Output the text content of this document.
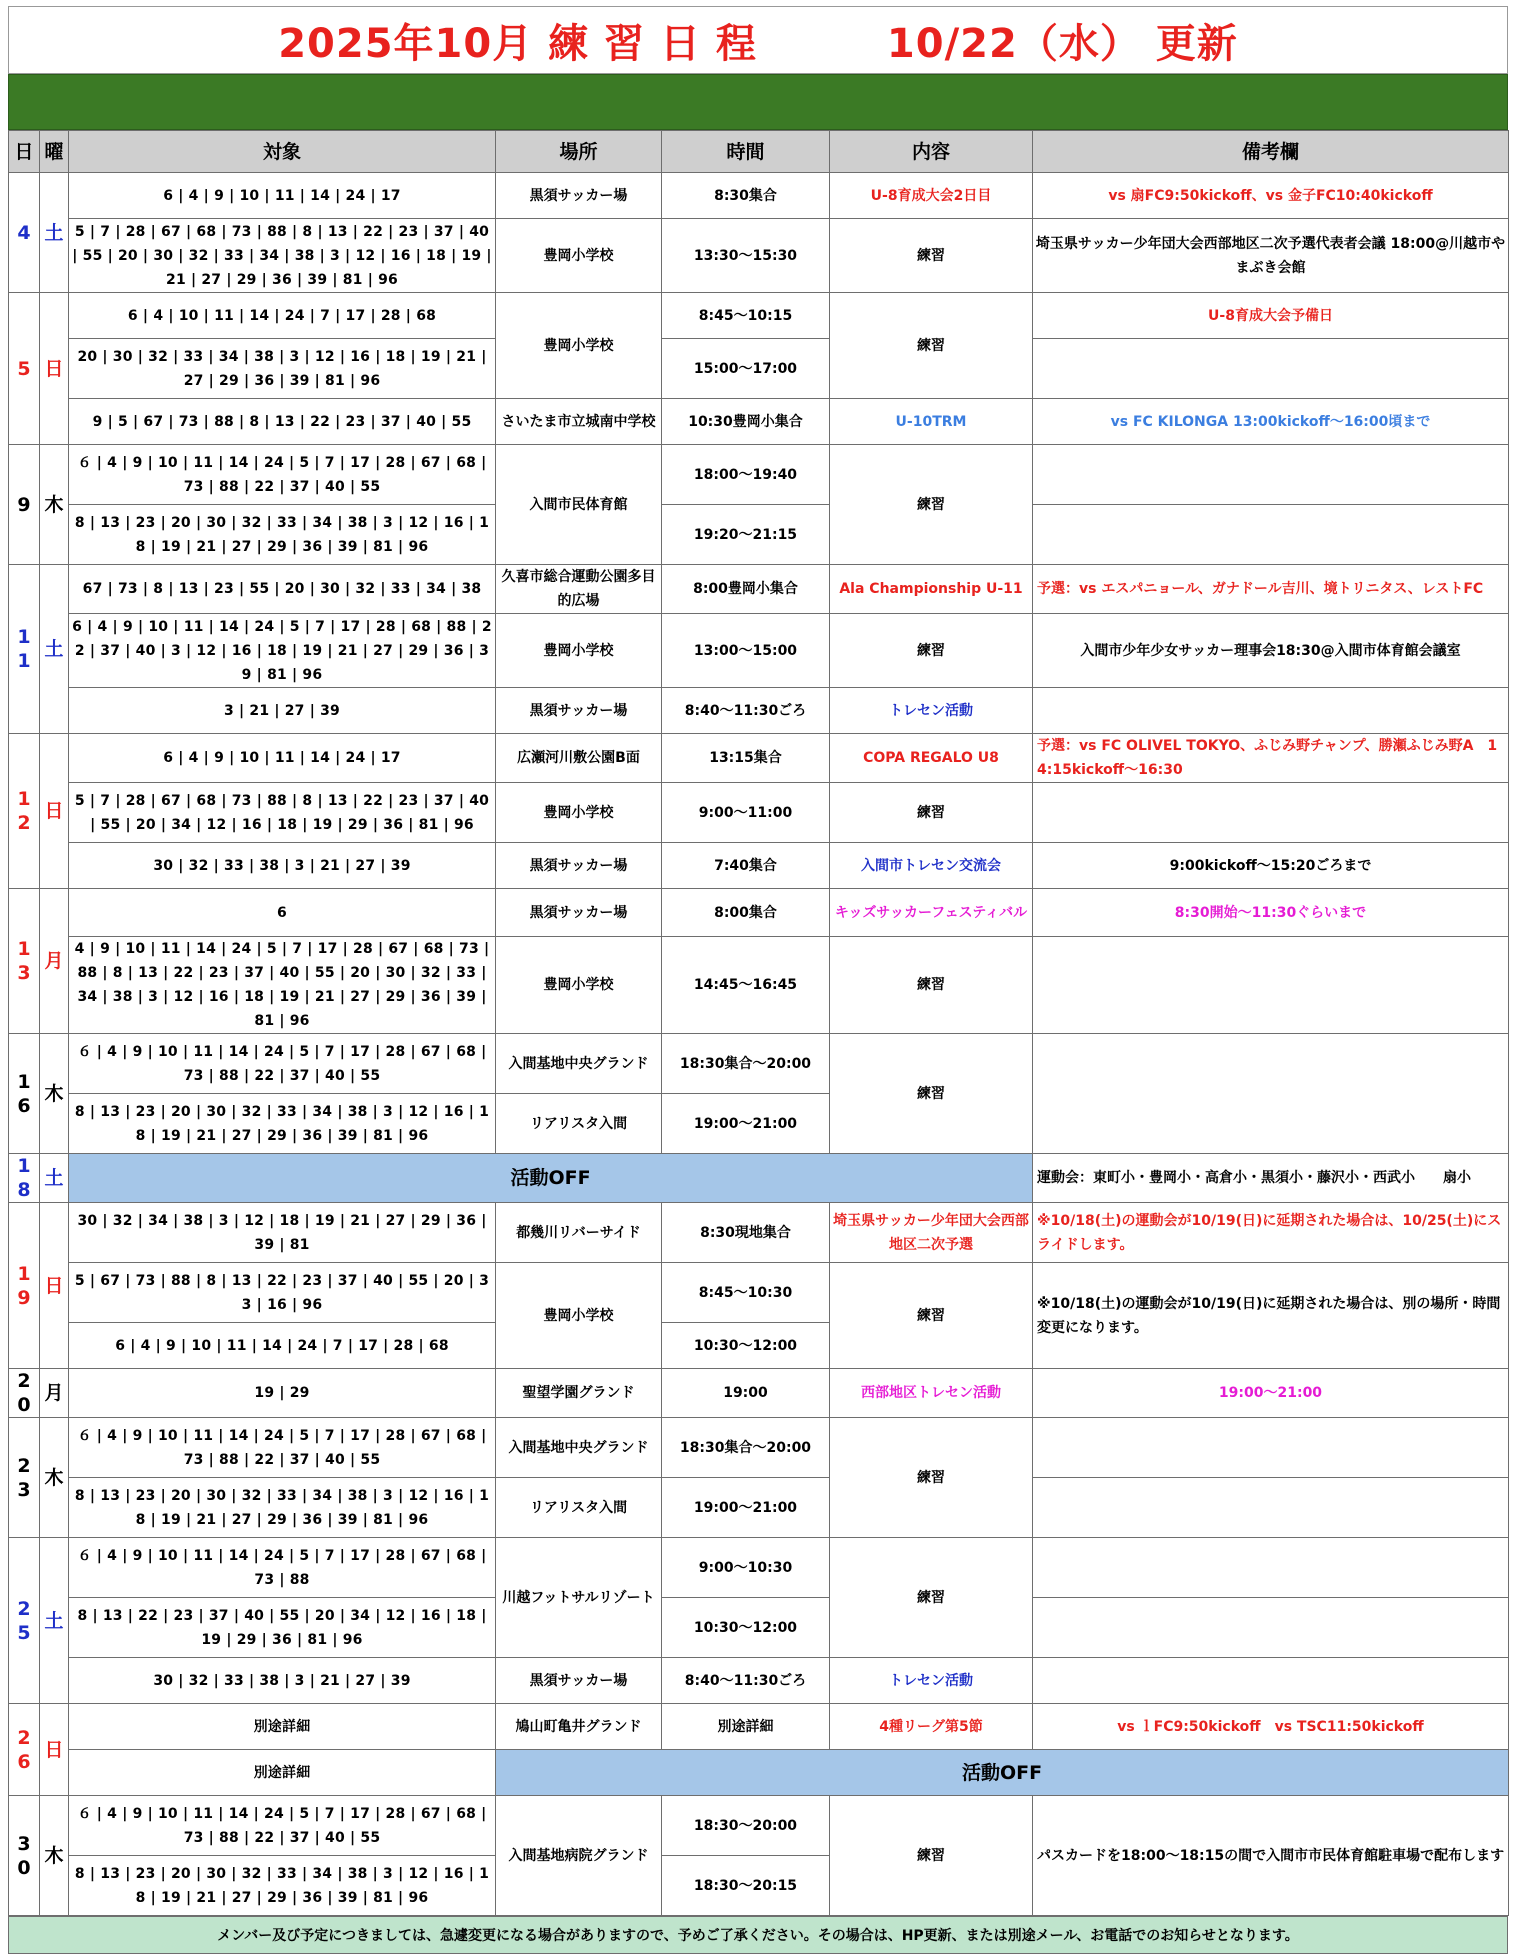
2025年10月 練 習 日 程	10/22（水） 更新
日	曜	対象	場所	時間	内容	備考欄
4	土	6 | 4 | 9 | 10 | 11 | 14 | 24 | 17	黒須サッカー場	8:30集合	U-8育成大会2日目	vs 扇FC9:50kickoff、vs 金子FC10:40kickoff
		5 | 7 | 28 | 67 | 68 | 73 | 88 | 8 | 13 | 22 | 23 | 37 | 40 | 55 | 20 | 30 | 32 | 33 | 34 | 38 | 3 | 12 | 16 | 18 | 19 | 21 | 27 | 29 | 36 | 39 | 81 | 96	豊岡小学校	13:30〜15:30	練習	埼玉県サッカー少年団大会西部地区二次予選代表者会議 18:00@川越市やまぶき会館
5	日	6 | 4 | 10 | 11 | 14 | 24 | 7 | 17 | 28 | 68	豊岡小学校	8:45〜10:15	練習	U-8育成大会予備日
		20 | 30 | 32 | 33 | 34 | 38 | 3 | 12 | 16 | 18 | 19 | 21 | 27 | 29 | 36 | 39 | 81 | 96		15:00〜17:00		
		9 | 5 | 67 | 73 | 88 | 8 | 13 | 22 | 23 | 37 | 40 | 55	さいたま市立城南中学校	10:30豊岡小集合	U-10TRM	vs FC KILONGA 13:00kickoff〜16:00頃まで
9	木	６ | 4 | 9 | 10 | 11 | 14 | 24 | 5 | 7 | 17 | 28 | 67 | 68 | 73 | 88 | 22 | 37 | 40 | 55	入間市民体育館	18:00〜19:40	練習	
		8 | 13 | 23 | 20 | 30 | 32 | 33 | 34 | 38 | 3 | 12 | 16 | 18 | 19 | 21 | 27 | 29 | 36 | 39 | 81 | 96		19:20〜21:15		
11	土	67 | 73 | 8 | 13 | 23 | 55 | 20 | 30 | 32 | 33 | 34 | 38	久喜市総合運動公園多目的広場	8:00豊岡小集合	Ala Championship U-11	予選：vs エスパニョール、ガナドール吉川、境トリニタス、レストFC
		6 | 4 | 9 | 10 | 11 | 14 | 24 | 5 | 7 | 17 | 28 | 68 | 88 | 22 | 37 | 40 | 3 | 12 | 16 | 18 | 19 | 21 | 27 | 29 | 36 | 39 | 81 | 96	豊岡小学校	13:00〜15:00	練習	入間市少年少女サッカー理事会18:30@入間市体育館会議室
		3 | 21 | 27 | 39	黒須サッカー場	8:40〜11:30ごろ	トレセン活動	
12	日	6 | 4 | 9 | 10 | 11 | 14 | 24 | 17	広瀬河川敷公園B面	13:15集合	COPA REGALO U8	予選：vs FC OLIVEL TOKYO、ふじみ野チャンプ、勝瀬ふじみ野A　14:15kickoff〜16:30
		5 | 7 | 28 | 67 | 68 | 73 | 88 | 8 | 13 | 22 | 23 | 37 | 40 | 55 | 20 | 34 | 12 | 16 | 18 | 19 | 29 | 36 | 81 | 96	豊岡小学校	9:00〜11:00	練習	
		30 | 32 | 33 | 38 | 3 | 21 | 27 | 39	黒須サッカー場	7:40集合	入間市トレセン交流会	9:00kickoff〜15:20ごろまで
13	月	6	黒須サッカー場	8:00集合	キッズサッカーフェスティバル	8:30開始〜11:30ぐらいまで
		4 | 9 | 10 | 11 | 14 | 24 | 5 | 7 | 17 | 28 | 67 | 68 | 73 | 88 | 8 | 13 | 22 | 23 | 37 | 40 | 55 | 20 | 30 | 32 | 33 | 34 | 38 | 3 | 12 | 16 | 18 | 19 | 21 | 27 | 29 | 36 | 39 | 81 | 96	豊岡小学校	14:45〜16:45	練習	
16	木	６ | 4 | 9 | 10 | 11 | 14 | 24 | 5 | 7 | 17 | 28 | 67 | 68 | 73 | 88 | 22 | 37 | 40 | 55	入間基地中央グランド	18:30集合〜20:00	練習	
		8 | 13 | 23 | 20 | 30 | 32 | 33 | 34 | 38 | 3 | 12 | 16 | 18 | 19 | 21 | 27 | 29 | 36 | 39 | 81 | 96	リアリスタ入間	19:00〜21:00		
18	土	活動OFF				運動会：東町小・豊岡小・高倉小・黒須小・藤沢小・西武小　　扇小
19	日	30 | 32 | 34 | 38 | 3 | 12 | 18 | 19 | 21 | 27 | 29 | 36 | 39 | 81	都幾川リバーサイド	8:30現地集合	埼玉県サッカー少年団大会西部地区二次予選	※10/18(土)の運動会が10/19(日)に延期された場合は、10/25(土)にスライドします。
		5 | 67 | 73 | 88 | 8 | 13 | 22 | 23 | 37 | 40 | 55 | 20 | 33 | 16 | 96	豊岡小学校	8:45〜10:30	練習	※10/18(土)の運動会が10/19(日)に延期された場合は、別の場所・時間変更になります。
		6 | 4 | 9 | 10 | 11 | 14 | 24 | 7 | 17 | 28 | 68		10:30〜12:00		
20	月	19 | 29	聖望学園グランド	19:00	西部地区トレセン活動	19:00〜21:00
23	木	６ | 4 | 9 | 10 | 11 | 14 | 24 | 5 | 7 | 17 | 28 | 67 | 68 | 73 | 88 | 22 | 37 | 40 | 55	入間基地中央グランド	18:30集合〜20:00	練習	
		8 | 13 | 23 | 20 | 30 | 32 | 33 | 34 | 38 | 3 | 12 | 16 | 18 | 19 | 21 | 27 | 29 | 36 | 39 | 81 | 96	リアリスタ入間	19:00〜21:00		
25	土	６ | 4 | 9 | 10 | 11 | 14 | 24 | 5 | 7 | 17 | 28 | 67 | 68 | 73 | 88	川越フットサルリゾート	9:00〜10:30	練習	
		8 | 13 | 22 | 23 | 37 | 40 | 55 | 20 | 34 | 12 | 16 | 18 | 19 | 29 | 36 | 81 | 96		10:30〜12:00		
		30 | 32 | 33 | 38 | 3 | 21 | 27 | 39	黒須サッカー場	8:40〜11:30ごろ	トレセン活動	
26	日	別途詳細	鳩山町亀井グランド	別途詳細	4種リーグ第5節	vs ｌFC9:50kickoff　vs TSC11:50kickoff
		別途詳細	活動OFF			
30	木	６ | 4 | 9 | 10 | 11 | 14 | 24 | 5 | 7 | 17 | 28 | 67 | 68 | 73 | 88 | 22 | 37 | 40 | 55	入間基地病院グランド	18:30〜20:00	練習	パスカードを18:00〜18:15の間で入間市市民体育館駐車場で配布します
		8 | 13 | 23 | 20 | 30 | 32 | 33 | 34 | 38 | 3 | 12 | 16 | 18 | 19 | 21 | 27 | 29 | 36 | 39 | 81 | 96		18:30〜20:15		
メンバー及び予定につきましては、急遽変更になる場合がありますので、予めご了承ください。その場合は、HP更新、または別途メール、お電話でのお知らせとなります。
